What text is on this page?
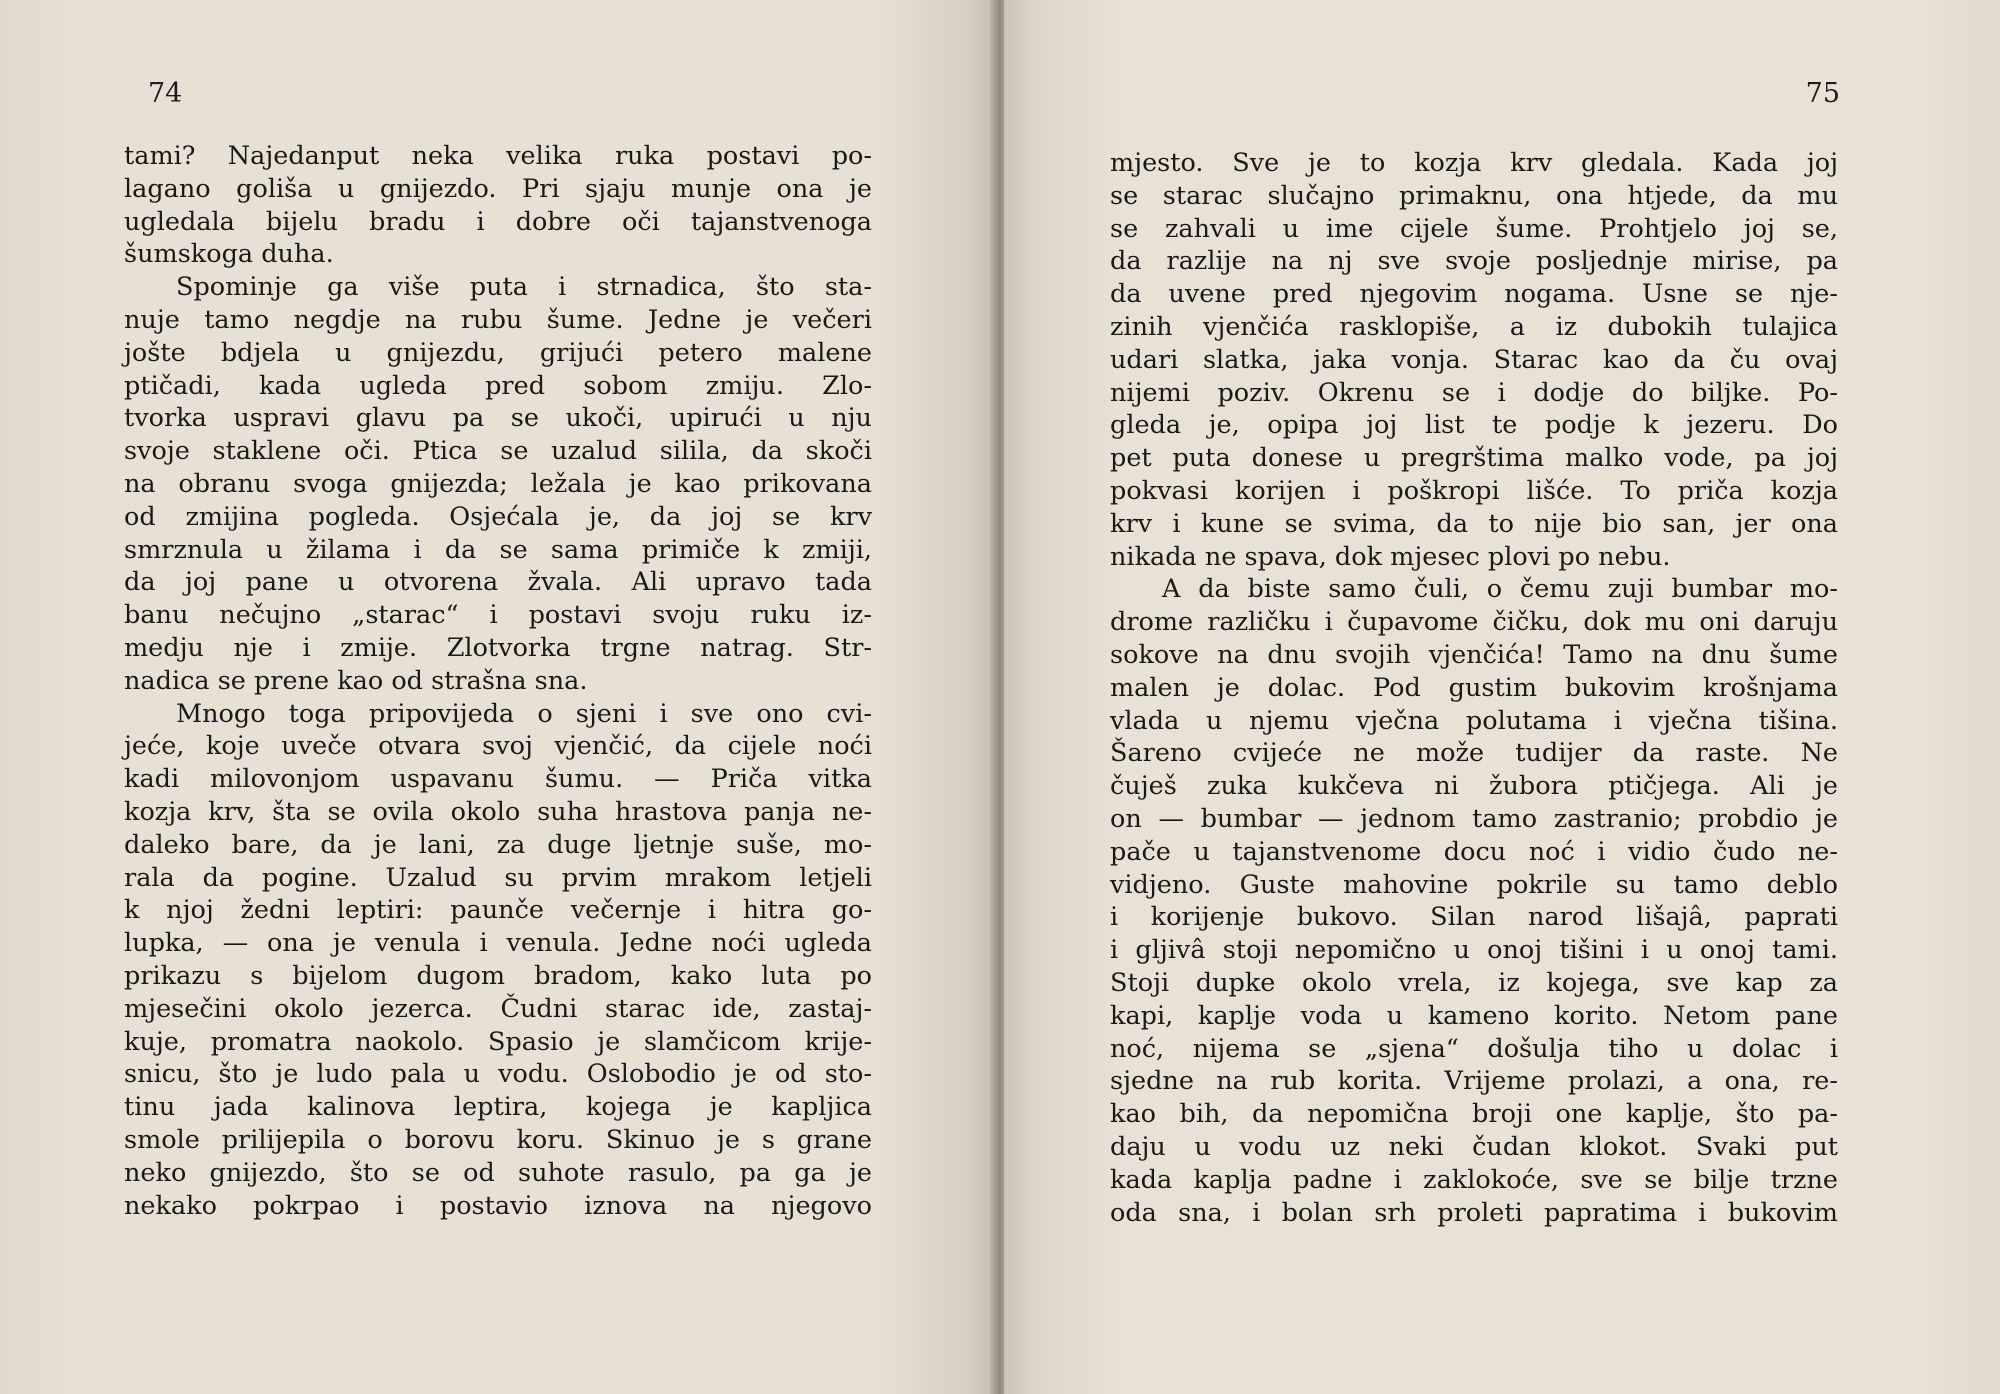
74
tami? Najedanput neka velika ruka postavi po-
lagano goliša u gnijezdo. Pri sjaju munje ona je
ugledala bijelu bradu i dobre oči tajanstvenoga
šumskoga duha.
Spominje ga više puta i strnadica, što sta-
nuje tamo negdje na rubu šume. Jedne je večeri
jošte bdjela u gnijezdu, grijući petero malene
ptičadi, kada ugleda pred sobom zmiju. Zlo-
tvorka uspravi glavu pa se ukoči, upirući u nju
svoje staklene oči. Ptica se uzalud silila, da skoči
na obranu svoga gnijezda; ležala je kao prikovana
od zmijina pogleda. Osjećala je, da joj se krv
smrznula u žilama i da se sama primiče k zmiji,
da joj pane u otvorena žvala. Ali upravo tada
banu nečujno „starac“ i postavi svoju ruku iz-
medju nje i zmije. Zlotvorka trgne natrag. Str-
nadica se prene kao od strašna sna.
Mnogo toga pripovijeda o sjeni i sve ono cvi-
jeće, koje uveče otvara svoj vjenčić, da cijele noći
kadi milovonjom uspavanu šumu. — Priča vitka
kozja krv, šta se ovila okolo suha hrastova panja ne-
daleko bare, da je lani, za duge ljetnje suše, mo-
rala da pogine. Uzalud su prvim mrakom letjeli
k njoj žedni leptiri: paunče večernje i hitra go-
lupka, — ona je venula i venula. Jedne noći ugleda
prikazu s bijelom dugom bradom, kako luta po
mjesečini okolo jezerca. Čudni starac ide, zastaj-
kuje, promatra naokolo. Spasio je slamčicom krije-
snicu, što je ludo pala u vodu. Oslobodio je od sto-
tinu jada kalinova leptira, kojega je kapljica
smole prilijepila o borovu koru. Skinuo je s grane
neko gnijezdo, što se od suhote rasulo, pa ga je
nekako pokrpao i postavio iznova na njegovo
75
mjesto. Sve je to kozja krv gledala. Kada joj
se starac slučajno primaknu, ona htjede, da mu
se zahvali u ime cijele šume. Prohtjelo joj se,
da razlije na nj sve svoje posljednje mirise, pa
da uvene pred njegovim nogama. Usne se nje-
zinih vjenčića rasklopiše, a iz dubokih tulajica
udari slatka, jaka vonja. Starac kao da ču ovaj
nijemi poziv. Okrenu se i dodje do biljke. Po-
gleda je, opipa joj list te podje k jezeru. Do
pet puta donese u pregrštima malko vode, pa joj
pokvasi korijen i poškropi lišće. To priča kozja
krv i kune se svima, da to nije bio san, jer ona
nikada ne spava, dok mjesec plovi po nebu.
A da biste samo čuli, o čemu zuji bumbar mo-
drome različku i čupavome čičku, dok mu oni daruju
sokove na dnu svojih vjenčića! Tamo na dnu šume
malen je dolac. Pod gustim bukovim krošnjama
vlada u njemu vječna polutama i vječna tišina.
Šareno cvijeće ne može tudijer da raste. Ne
čuješ zuka kukčeva ni žubora ptičjega. Ali je
on — bumbar — jednom tamo zastranio; probdio je
pače u tajanstvenome docu noć i vidio čudo ne-
vidjeno. Guste mahovine pokrile su tamo deblo
i korijenje bukovo. Silan narod lišajâ, paprati
i gljivâ stoji nepomično u onoj tišini i u onoj tami.
Stoji dupke okolo vrela, iz kojega, sve kap za
kapi, kaplje voda u kameno korito. Netom pane
noć, nijema se „sjena“ došulja tiho u dolac i
sjedne na rub korita. Vrijeme prolazi, a ona, re-
kao bih, da nepomična broji one kaplje, što pa-
daju u vodu uz neki čudan klokot. Svaki put
kada kaplja padne i zaklokoće, sve se bilje trzne
oda sna, i bolan srh proleti papratima i bukovim
